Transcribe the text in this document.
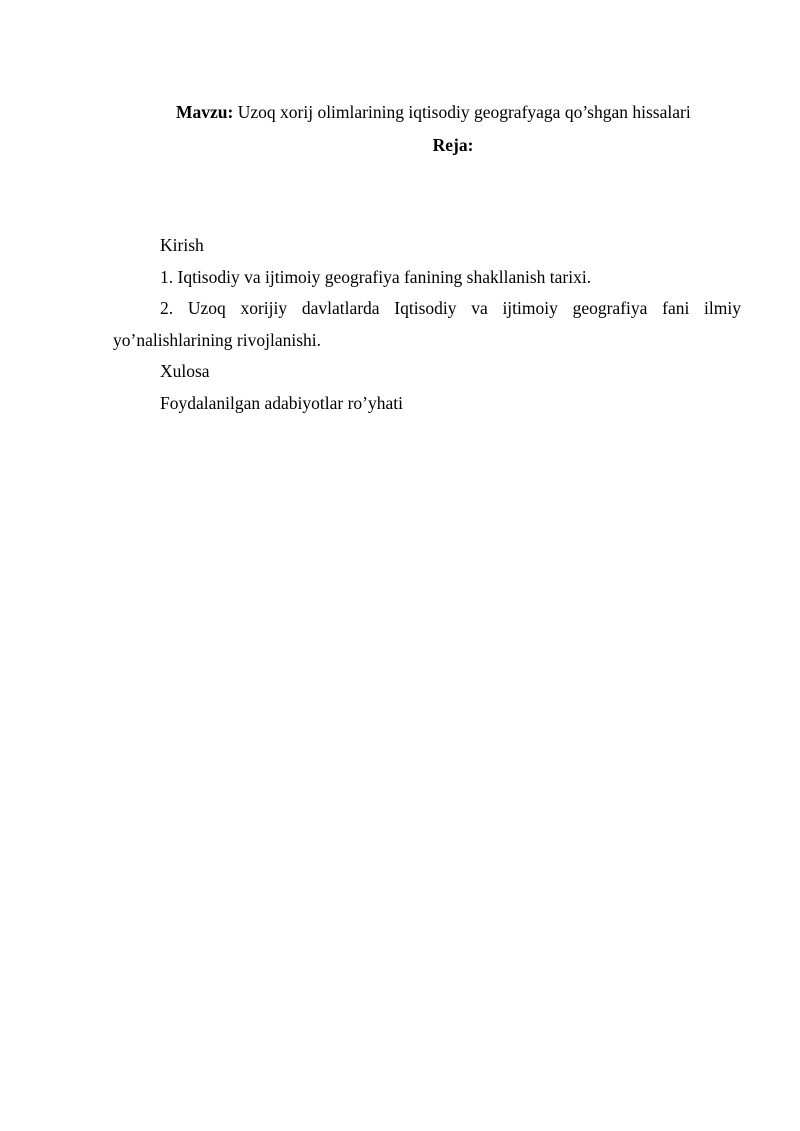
Mavzu: Uzoq xorij olimlarining iqtisodiy geografyaga qo’shgan hissalari
Reja:

Kirish

1. Iqtisodiy va ijtimoiy geografiya fanining shakllanish tarixi.

2. Uzoq xorijiy davlatlarda Iqtisodiy va ijtimoiy geografiya fani ilmiy yo’nalishlarining rivojlanishi.

Xulosa

Foydalanilgan adabiyotlar ro’yhati
